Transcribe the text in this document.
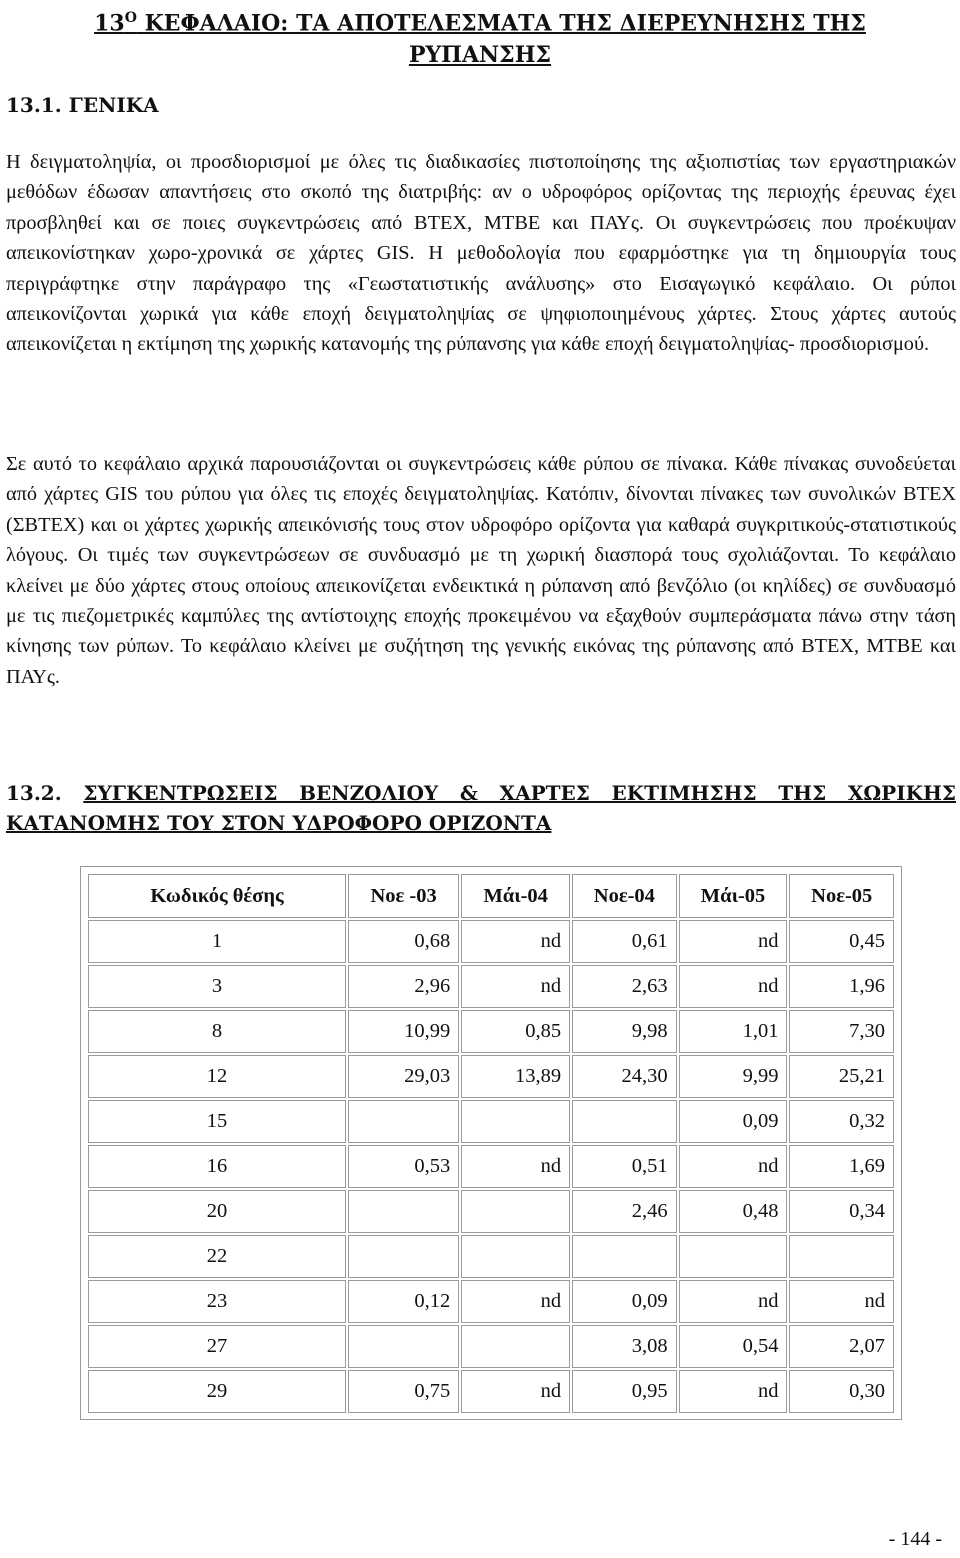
$13^O$ ΚΕΦΑΛΑΙΟ: ΤΑ ΑΠΟΤΕΛΕΣΜΑΤΑ ΤΗΣ ΔΙΕΡΕΥΝΗΣΗΣ ΤΗΣ
ΡΥΠΑΝΣΗΣ
13.1. ΓΕΝΙΚΑ

Η δειγματοληψία, οι προσδιορισμοί με όλες τις διαδικασίες πιστοποίησης της αξιοπιστίας των εργαστηριακών μεθόδων έδωσαν απαντήσεις στο σκοπό της διατριβής: αν ο υδροφόρος ορίζοντας της περιοχής έρευνας έχει προσβληθεί και σε ποιες συγκεντρώσεις από BTEX, MTBE και ΠΑΥς. Οι συγκεντρώσεις που προέκυψαν απεικονίστηκαν χωρο-χρονικά σε χάρτες GIS. Η μεθοδολογία που εφαρμόστηκε για τη δημιουργία τους περιγράφτηκε στην παράγραφο της «Γεωστατιστικής ανάλυσης» στο Εισαγωγικό κεφάλαιο. Οι ρύποι απεικονίζονται χωρικά για κάθε εποχή δειγματοληψίας σε ψηφιοποιημένους χάρτες. Στους χάρτες αυτούς απεικονίζεται η εκτίμηση της χωρικής κατανομής της ρύπανσης για κάθε εποχή δειγματοληψίας- προσδιορισμού.

Σε αυτό το κεφάλαιο αρχικά παρουσιάζονται οι συγκεντρώσεις κάθε ρύπου σε πίνακα. Κάθε πίνακας συνοδεύεται από χάρτες GIS του ρύπου για όλες τις εποχές δειγματοληψίας. Κατόπιν, δίνονται πίνακες των συνολικών BTEX (ΣBTEX) και οι χάρτες χωρικής απεικόνισής τους στον υδροφόρο ορίζοντα για καθαρά συγκριτικούς-στατιστικούς λόγους. Οι τιμές των συγκεντρώσεων σε συνδυασμό με τη χωρική διασπορά τους σχολιάζονται. Το κεφάλαιο κλείνει με δύο χάρτες στους οποίους απεικονίζεται ενδεικτικά η ρύπανση από βενζόλιο (οι κηλίδες) σε συνδυασμό με τις πιεζομετρικές καμπύλες της αντίστοιχης εποχής προκειμένου να εξαχθούν συμπεράσματα πάνω στην τάση κίνησης των ρύπων. Το κεφάλαιο κλείνει με συζήτηση της γενικής εικόνας της ρύπανσης από BTEX, MTBE και ΠΑΥς.

13.2. ΣΥΓΚΕΝΤΡΩΣΕΙΣ ΒΕΝΖΟΛΙΟΥ & ΧΑΡΤΕΣ ΕΚΤΙΜΗΣΗΣ ΤΗΣ ΧΩΡΙΚΗΣ ΚΑΤΑΝΟΜΗΣ ΤΟΥ ΣΤΟΝ ΥΔΡΟΦΟΡΟ ΟΡΙΖΟΝΤΑ
Κωδικός θέσης	Νοε -03	Μάι-04	Νοε-04	Μάι-05	Νοε-05
1	0,68	nd	0,61	nd	0,45
3	2,96	nd	2,63	nd	1,96
8	10,99	0,85	9,98	1,01	7,30
12	29,03	13,89	24,30	9,99	25,21
15				0,09	0,32
16	0,53	nd	0,51	nd	1,69
20			2,46	0,48	0,34
22					
23	0,12	nd	0,09	nd	nd
27			3,08	0,54	2,07
29	0,75	nd	0,95	nd	0,30
- 144 -
